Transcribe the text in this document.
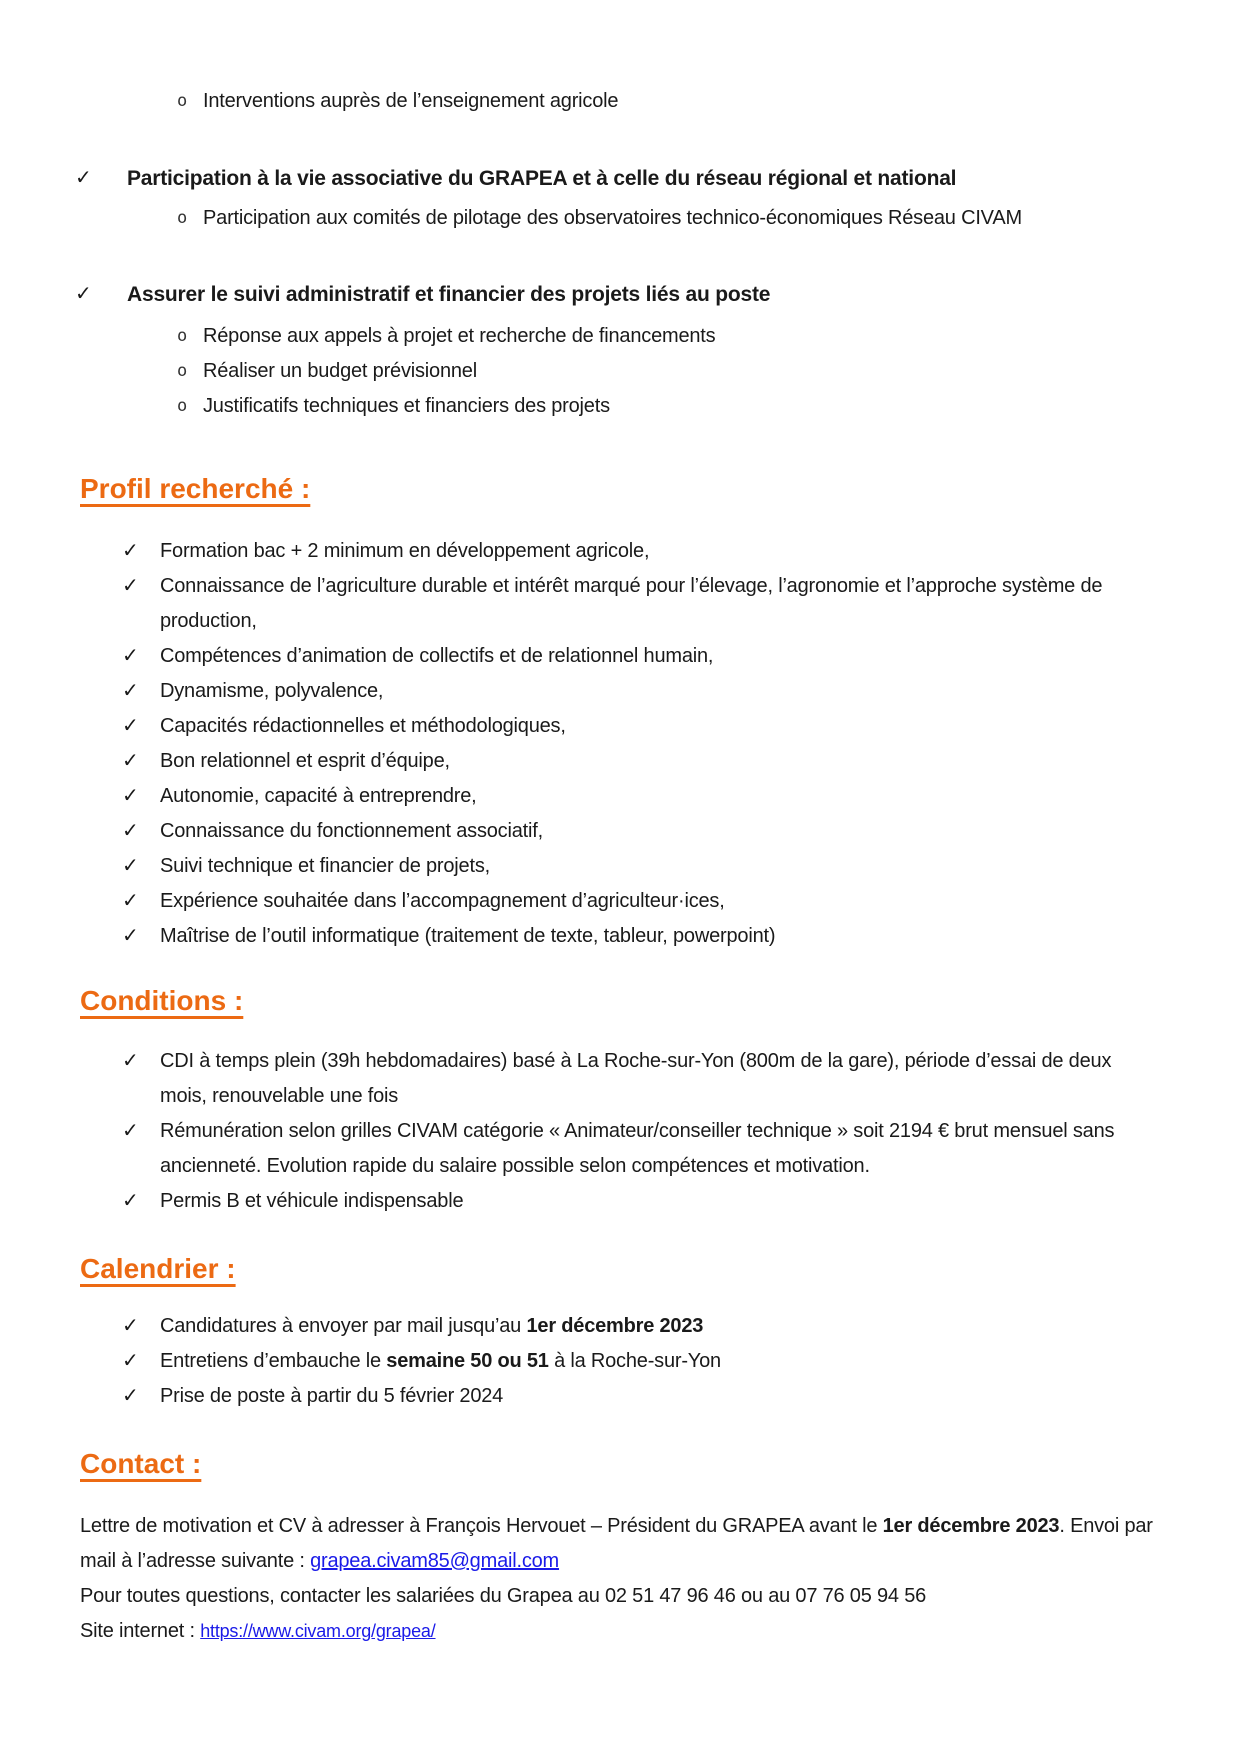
o Interventions auprès de l’enseignement agricole
✓	Participation à la vie associative du GRAPEA et à celle du réseau régional et national
o Participation aux comités de pilotage des observatoires technico-économiques Réseau CIVAM
✓	Assurer le suivi administratif et financier des projets liés au poste
o Réponse aux appels à projet et recherche de financements
o Réaliser un budget prévisionnel
o Justificatifs techniques et financiers des projets
Profil recherché :
✓	Formation bac + 2 minimum en développement agricole,
✓	Connaissance de l’agriculture durable et intérêt marqué pour l’élevage, l’agronomie et l’approche système de production,
✓	Compétences d’animation de collectifs et de relationnel humain,
✓	Dynamisme, polyvalence,
✓	Capacités rédactionnelles et méthodologiques,
✓	Bon relationnel et esprit d’équipe,
✓	Autonomie, capacité à entreprendre,
✓	Connaissance du fonctionnement associatif,
✓	Suivi technique et financier de projets,
✓	Expérience souhaitée dans l’accompagnement d’agriculteur·ices,
✓	Maîtrise de l’outil informatique (traitement de texte, tableur, powerpoint)
Conditions :
✓	CDI à temps plein (39h hebdomadaires) basé à La Roche-sur-Yon (800m de la gare), période d’essai de deux mois, renouvelable une fois
✓	Rémunération selon grilles CIVAM catégorie « Animateur/conseiller technique » soit 2194 € brut mensuel sans ancienneté. Evolution rapide du salaire possible selon compétences et motivation.
✓	Permis B et véhicule indispensable
Calendrier :
✓	Candidatures à envoyer par mail jusqu’au 1er décembre 2023
✓	Entretiens d’embauche le semaine 50 ou 51 à la Roche-sur-Yon
✓	Prise de poste à partir du 5 février 2024
Contact :

Lettre de motivation et CV à adresser à François Hervouet – Président du GRAPEA avant le 1er décembre 2023. Envoi par mail à l’adresse suivante : grapea.civam85@gmail.com

Pour toutes questions, contacter les salariées du Grapea au 02 51 47 96 46 ou au 07 76 05 94 56

Site internet : https://www.civam.org/grapea/
